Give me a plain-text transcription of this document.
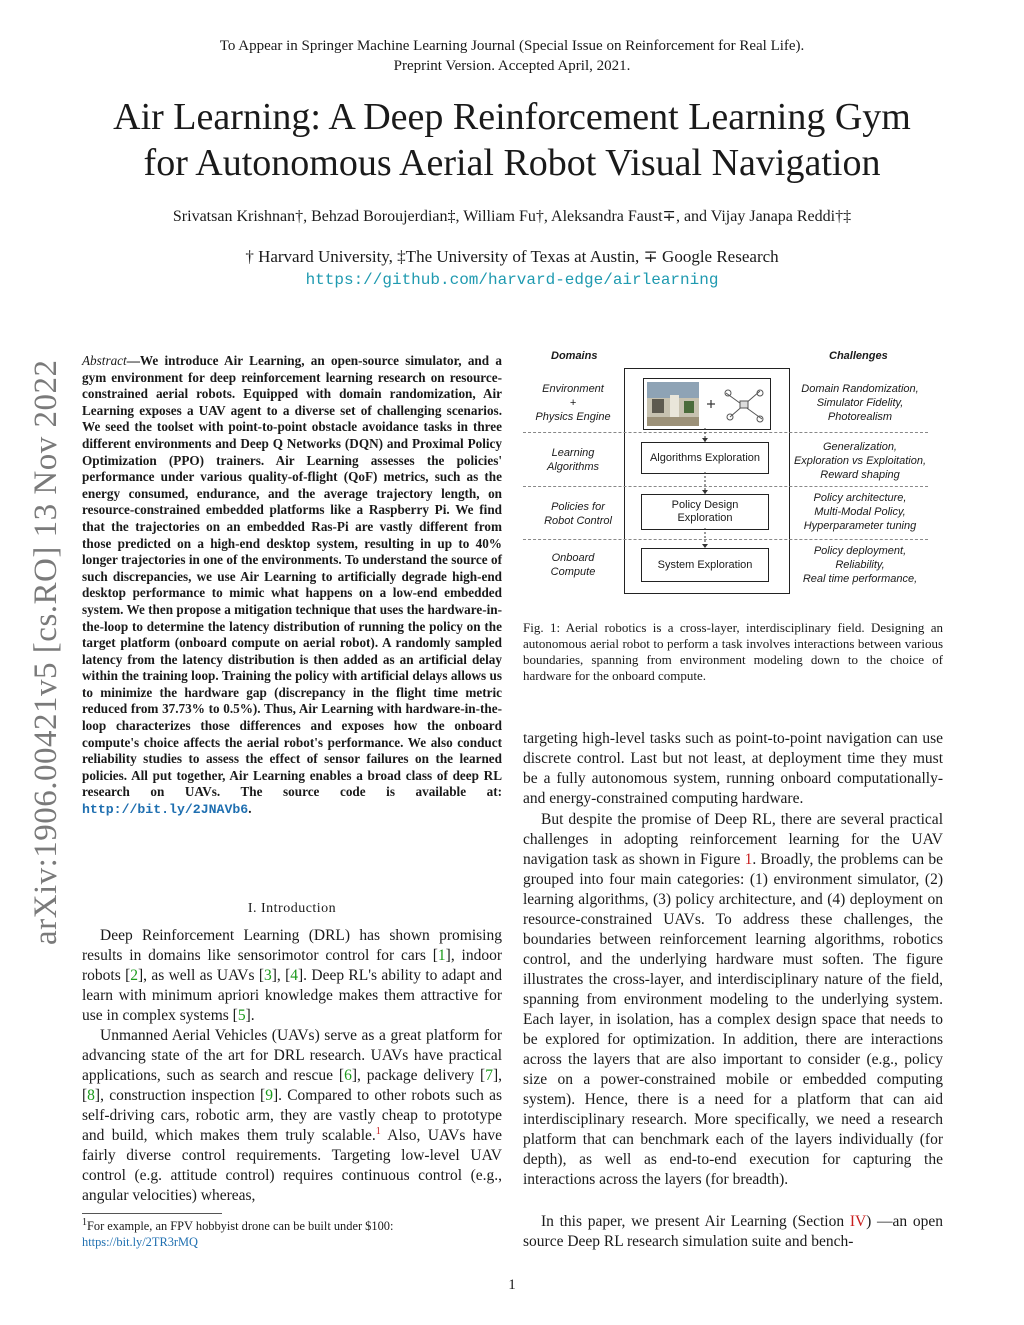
To Appear in Springer Machine Learning Journal (Special Issue on Reinforcement for Real Life).
Preprint Version. Accepted April, 2021.
Air Learning: A Deep Reinforcement Learning Gym
for Autonomous Aerial Robot Visual Navigation
Srivatsan Krishnan†, Behzad Boroujerdian‡, William Fu†, Aleksandra Faust∓, and Vijay Janapa Reddi†‡
† Harvard University, ‡The University of Texas at Austin, ∓ Google Research
https://github.com/harvard-edge/airlearning
arXiv:1906.00421v5 [cs.RO] 13 Nov 2022	Abstract—We introduce Air Learning, an open-source simulator, and a gym environment for deep reinforcement learning research on resource-constrained aerial robots. Equipped with domain randomization, Air Learning exposes a UAV agent to a diverse set of challenging scenarios. We seed the toolset with point-to-point obstacle avoidance tasks in three different environments and Deep Q Networks (DQN) and Proximal Policy Optimization (PPO) trainers. Air Learning assesses the policies' performance under various quality-of-flight (QoF) metrics, such as the energy consumed, endurance, and the average trajectory length, on resource-constrained embedded platforms like a Raspberry Pi. We find that the trajectories on an embedded Ras-Pi are vastly different from those predicted on a high-end desktop system, resulting in up to 40% longer trajectories in one of the environments. To understand the source of such discrepancies, we use Air Learning to artificially degrade high-end desktop performance to mimic what happens on a low-end embedded system. We then propose a mitigation technique that uses the hardware-in-the-loop to determine the latency distribution of running the policy on the target platform (onboard compute on aerial robot). A randomly sampled latency from the latency distribution is then added as an artificial delay within the training loop. Training the policy with artificial delays allows us to minimize the hardware gap (discrepancy in the flight time metric reduced from 37.73% to 0.5%). Thus, Air Learning with hardware-in-the-loop characterizes those differences and exposes how the onboard compute's choice affects the aerial robot's performance. We also conduct reliability studies to assess the effect of sensor failures on the learned policies. All put together, Air Learning enables a broad class of deep RL research on UAVs. The source code is available at: http://bit.ly/2JNAVb6.
I. Introduction
Deep Reinforcement Learning (DRL) has shown promising results in domains like sensorimotor control for cars [1], indoor robots [2], as well as UAVs [3], [4]. Deep RL's ability to adapt and learn with minimum apriori knowledge makes them attractive for use in complex systems [5].
Unmanned Aerial Vehicles (UAVs) serve as a great platform for advancing state of the art for DRL research. UAVs have practical applications, such as search and rescue [6], package delivery [7], [8], construction inspection [9]. Compared to other robots such as self-driving cars, robotic arm, they are vastly cheap to prototype and build, which makes them truly scalable.$^1$ Also, UAVs have fairly diverse control requirements. Targeting low-level UAV control (e.g. attitude control) requires continuous control (e.g., angular velocities) whereas,
$^1$For example, an FPV hobbyist drone can be built under $100: https://bit.ly/2TR3rMQ
Domains	Challenges
Environment
+
Physics Engine
Learning
Algorithms
Policies for
Robot Control
Onboard
Compute
Algorithms Exploration
Policy Design
Exploration
System Exploration
Domain Randomization,
Simulator Fidelity,
Photorealism
Generalization,
Exploration vs Exploitation,
Reward shaping
Policy architecture,
Multi-Modal Policy,
Hyperparameter tuning
Policy deployment,
Reliability,
Real time performance,
Fig. 1: Aerial robotics is a cross-layer, interdisciplinary field. Designing an autonomous aerial robot to perform a task involves interactions between various boundaries, spanning from environment modeling down to the choice of hardware for the onboard compute.
targeting high-level tasks such as point-to-point navigation can use discrete control. Last but not least, at deployment time they must be a fully autonomous system, running onboard computationally- and energy-constrained computing hardware.
But despite the promise of Deep RL, there are several practical challenges in adopting reinforcement learning for the UAV navigation task as shown in Figure 1. Broadly, the problems can be grouped into four main categories: (1) environment simulator, (2) learning algorithms, (3) policy architecture, and (4) deployment on resource-constrained UAVs. To address these challenges, the boundaries between reinforcement learning algorithms, robotics control, and the underlying hardware must soften. The figure illustrates the cross-layer, and interdisciplinary nature of the field, spanning from environment modeling to the underlying system. Each layer, in isolation, has a complex design space that needs to be explored for optimization. In addition, there are interactions across the layers that are also important to consider (e.g., policy size on a power-constrained mobile or embedded computing system). Hence, there is a need for a platform that can aid interdisciplinary research. More specifically, we need a research platform that can benchmark each of the layers individually (for depth), as well as end-to-end execution for capturing the interactions across the layers (for breadth).
In this paper, we present Air Learning (Section IV) —an open source Deep RL research simulation suite and bench-
1
